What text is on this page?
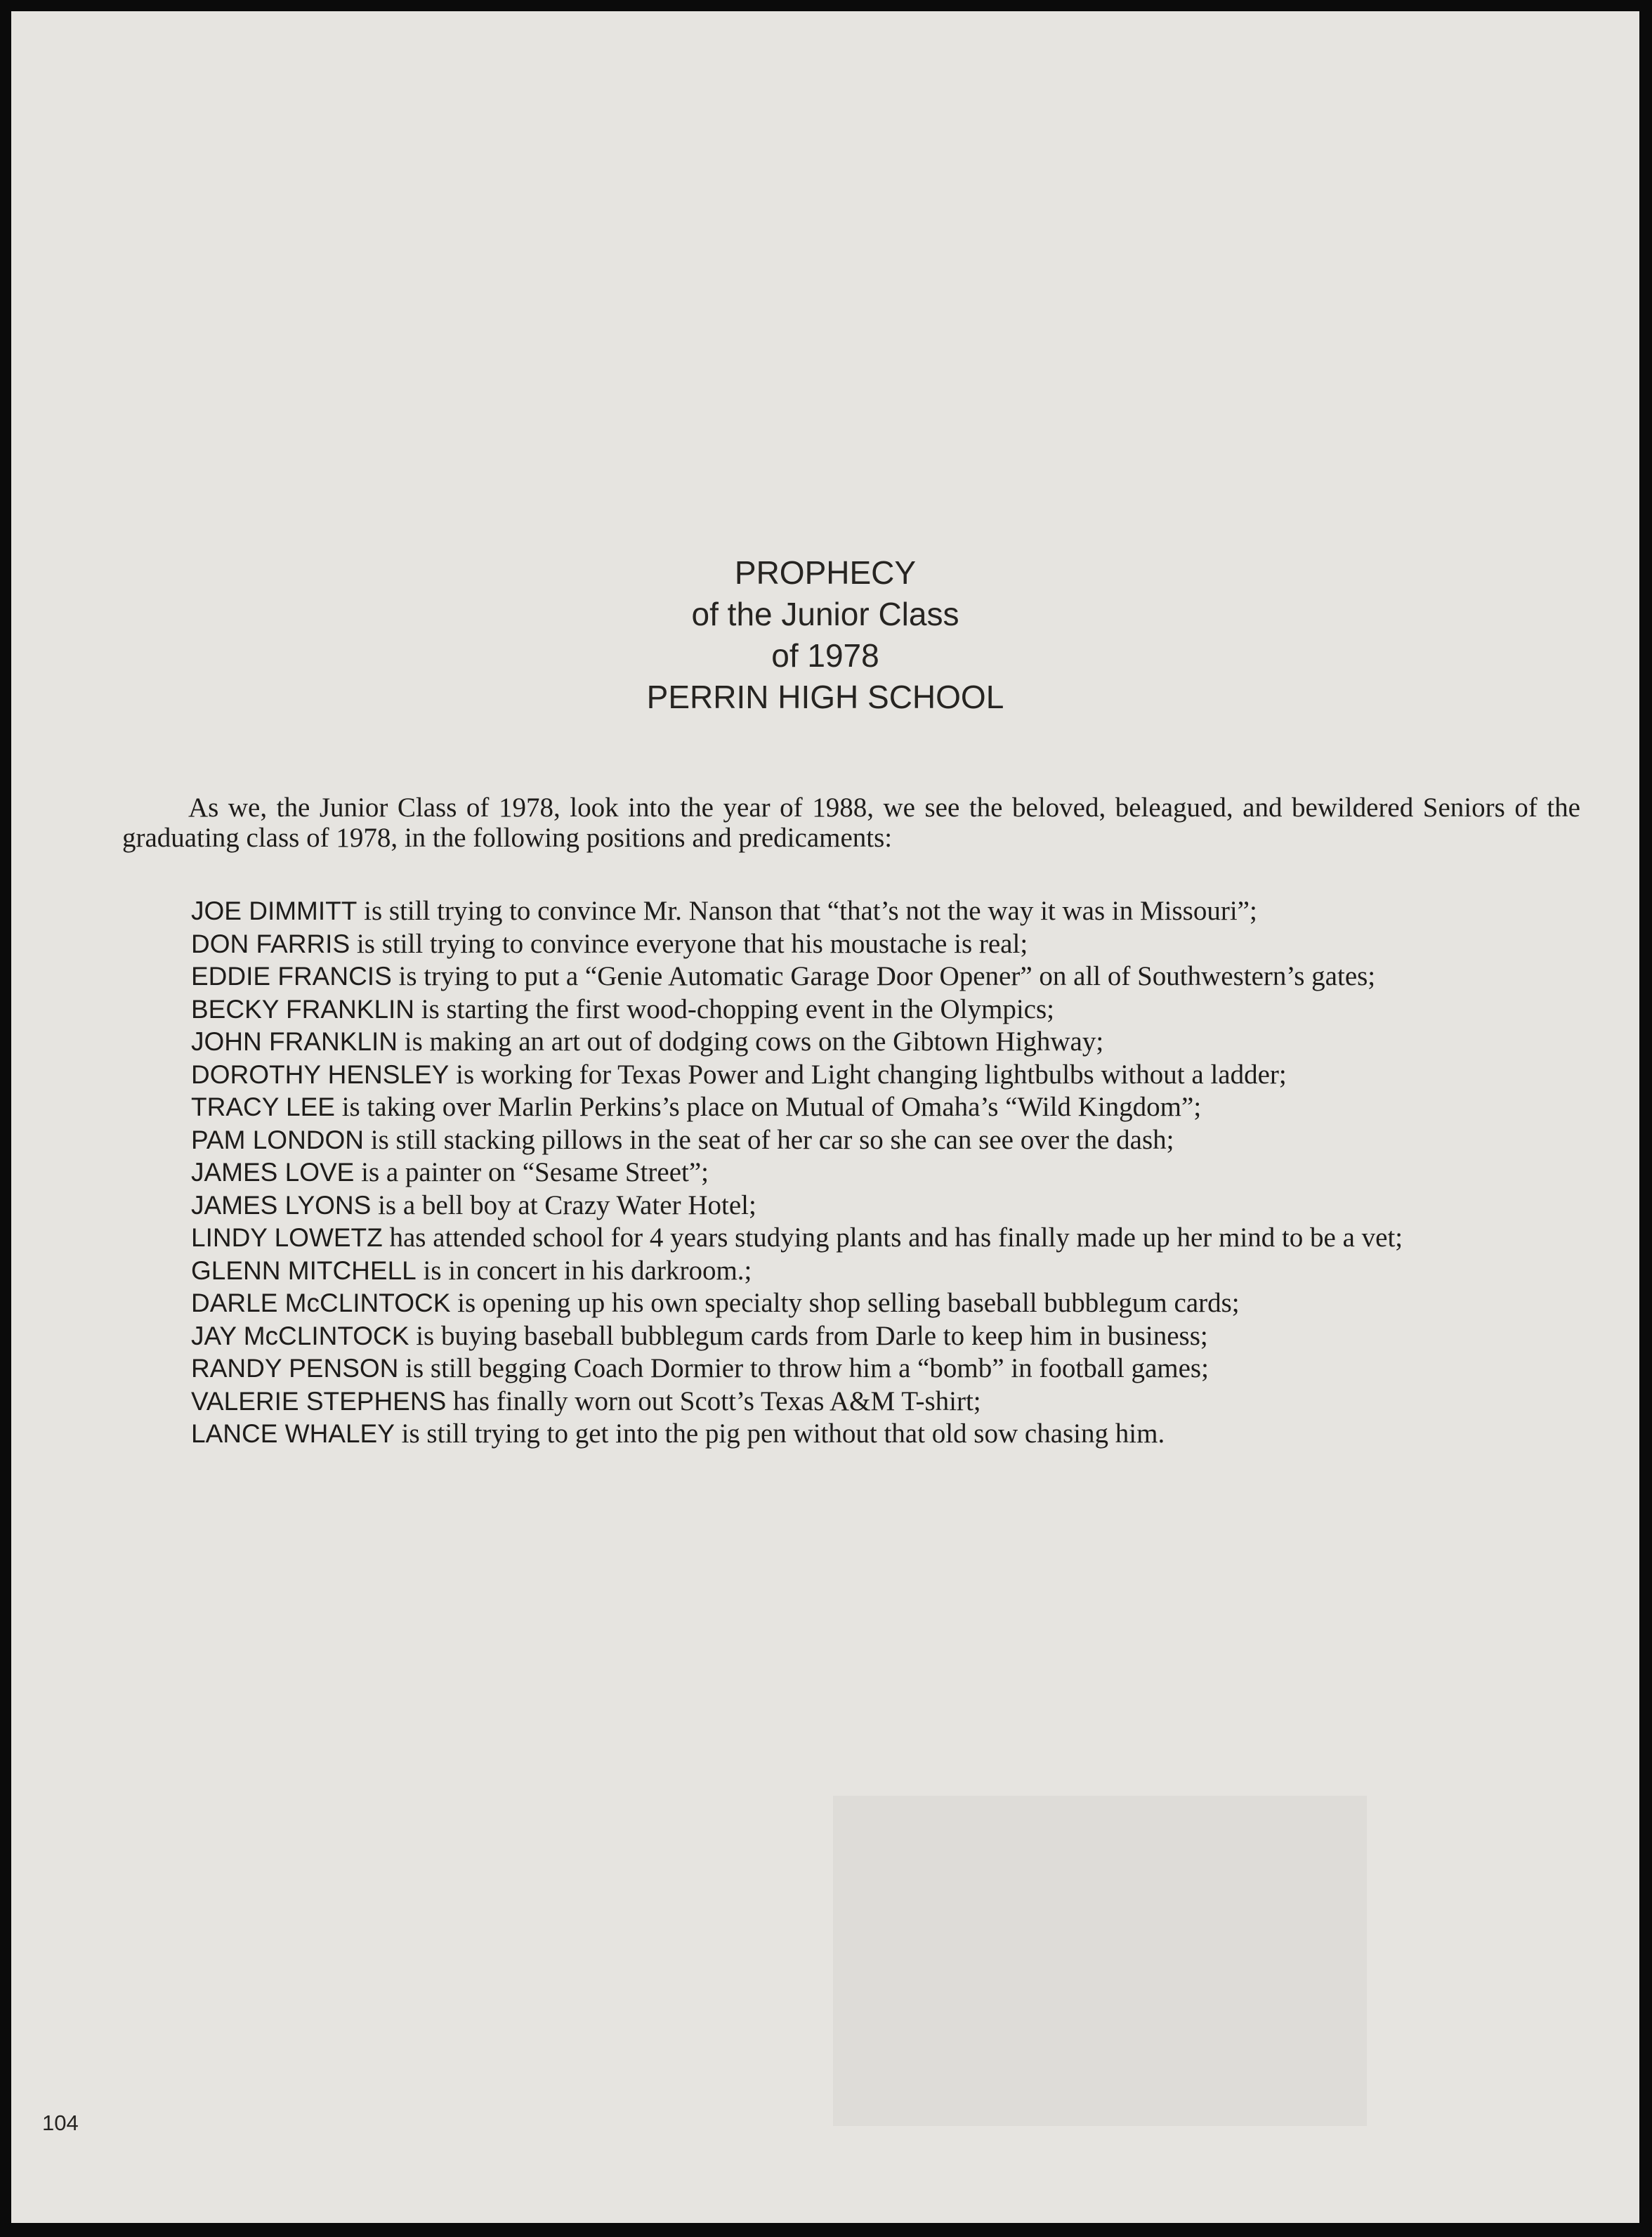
PROPHECY
of the Junior Class
of 1978
PERRIN HIGH SCHOOL

As we, the Junior Class of 1978, look into the year of 1988, we see the beloved, beleagued, and bewildered Seniors of the graduating class of 1978, in the following positions and predicaments:

JOE DIMMITT is still trying to convince Mr. Nanson that “that’s not the way it was in Missouri”;
DON FARRIS is still trying to convince everyone that his moustache is real;
EDDIE FRANCIS is trying to put a “Genie Automatic Garage Door Opener” on all of Southwestern’s gates;
BECKY FRANKLIN is starting the first wood-chopping event in the Olympics;
JOHN FRANKLIN is making an art out of dodging cows on the Gibtown Highway;
DOROTHY HENSLEY is working for Texas Power and Light changing lightbulbs without a ladder;
TRACY LEE is taking over Marlin Perkins’s place on Mutual of Omaha’s “Wild Kingdom”;
PAM LONDON is still stacking pillows in the seat of her car so she can see over the dash;
JAMES LOVE is a painter on “Sesame Street”;
JAMES LYONS is a bell boy at Crazy Water Hotel;
LINDY LOWETZ has attended school for 4 years studying plants and has finally made up her mind to be a vet;
GLENN MITCHELL is in concert in his darkroom.;
DARLE McCLINTOCK is opening up his own specialty shop selling baseball bubblegum cards;
JAY McCLINTOCK is buying baseball bubblegum cards from Darle to keep him in business;
RANDY PENSON is still begging Coach Dormier to throw him a “bomb” in football games;
VALERIE STEPHENS has finally worn out Scott’s Texas A&M T-shirt;
LANCE WHALEY is still trying to get into the pig pen without that old sow chasing him.
104
